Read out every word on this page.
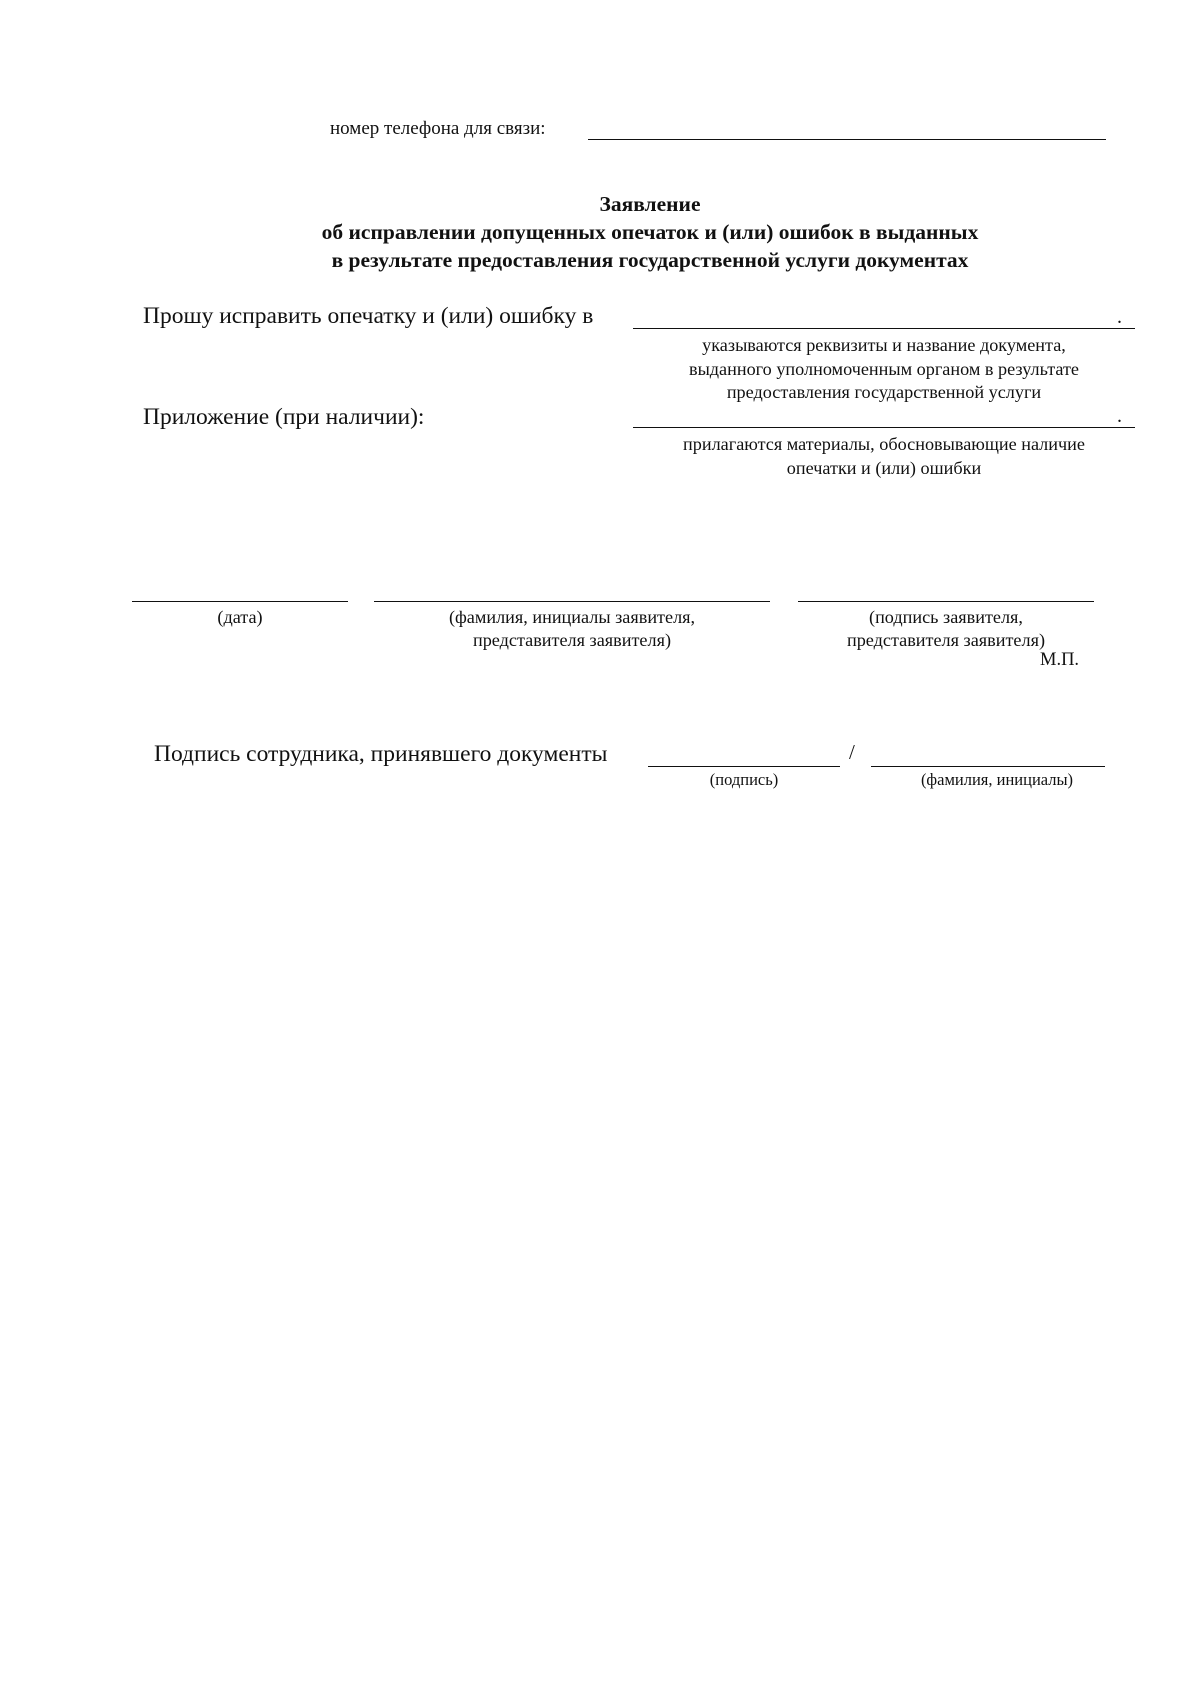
номер телефона для связи:
Заявление
об исправлении допущенных опечаток и (или) ошибок в выданных
в результате предоставления государственной услуги документах
Прошу исправить опечатку и (или) ошибку в	.
указываются реквизиты и название документа,
выданного уполномоченным органом в результате
предоставления государственной услуги
Приложение (при наличии):	.
прилагаются материалы, обосновывающие наличие
опечатки и (или) ошибки
(дата)	(фамилия, инициалы заявителя,
представителя заявителя)
(подпись заявителя,
представителя заявителя)
М.П.
Подпись сотрудника, принявшего документы	/
(подпись)	(фамилия, инициалы)
